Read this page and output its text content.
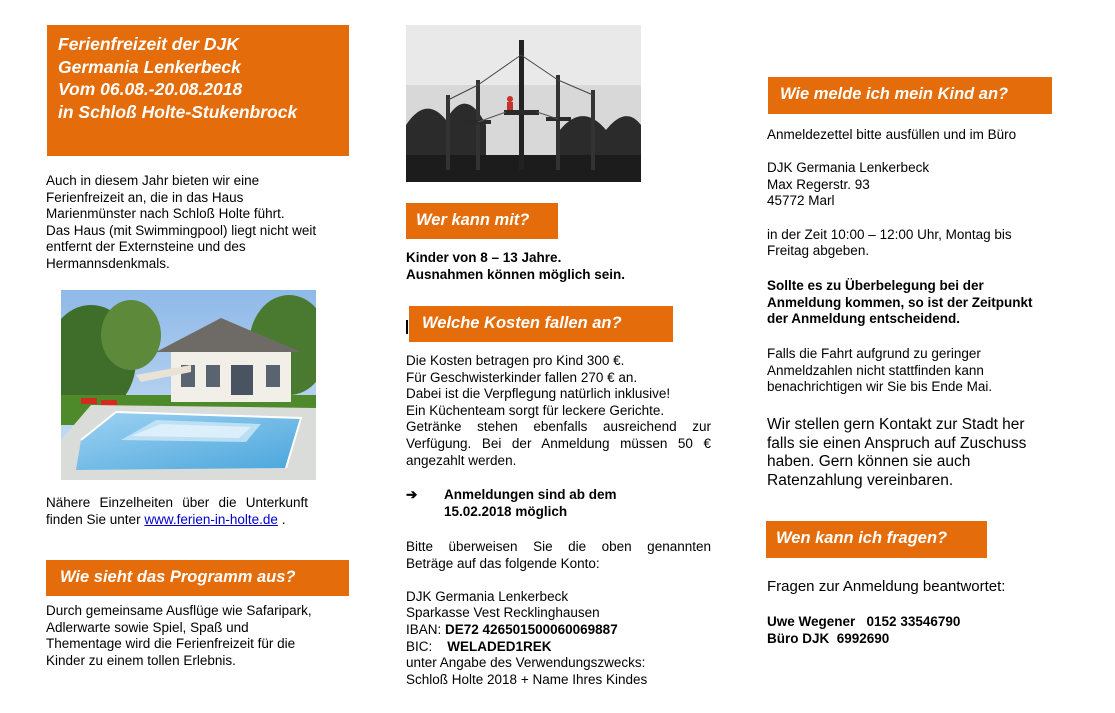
Ferienfreizeit der DJK
Germania Lenkerbeck
Vom 06.08.-20.08.2018
in Schloß Holte-Stukenbrock

Auch in diesem Jahr bieten wir eine

Ferienfreizeit an, die in das Haus

Marienmünster nach Schloß Holte führt.

Das Haus (mit Swimmingpool) liegt nicht weit

entfernt der Externsteine und des

Hermannsdenkmals.

Nähere Einzelheiten über die Unterkunft

finden Sie unter www.ferien-in-holte.de .

Wie sieht das Programm aus?

Durch gemeinsame Ausflüge wie Safaripark,

Adlerwarte sowie Spiel, Spaß und

Thementage wird die Ferienfreizeit für die

Kinder zu einem tollen Erlebnis.

Wer kann mit?

Kinder von 8 – 13 Jahre.

Ausnahmen können möglich sein.

Welche Kosten fallen an?

Die Kosten betragen pro Kind 300 €.

Für Geschwisterkinder fallen 270 € an.

Dabei ist die Verpflegung natürlich inklusive!

Ein Küchenteam sorgt für leckere Gerichte.

Getränke stehen ebenfalls ausreichend zur

Verfügung. Bei der Anmeldung müssen 50 €

angezahlt werden.

➔ Anmeldungen sind ab dem

15.02.2018 möglich

Bitte überweisen Sie die oben genannten

Beträge auf das folgende Konto:

DJK Germania Lenkerbeck

Sparkasse Vest Recklinghausen

IBAN: DE72 426501500060069887

BIC: WELADED1REK

unter Angabe des Verwendungszwecks:

Schloß Holte 2018 + Name Ihres Kindes

Wie melde ich mein Kind an?

Anmeldezettel bitte ausfüllen und im Büro

DJK Germania Lenkerbeck

Max Regerstr. 93

45772 Marl

in der Zeit 10:00 – 12:00 Uhr, Montag bis

Freitag abgeben.

Sollte es zu Überbelegung bei der

Anmeldung kommen, so ist der Zeitpunkt

der Anmeldung entscheidend.

Falls die Fahrt aufgrund zu geringer

Anmeldzahlen nicht stattfinden kann

benachrichtigen wir Sie bis Ende Mai.

Wir stellen gern Kontakt zur Stadt her

falls sie einen Anspruch auf Zuschuss

haben. Gern können sie auch

Ratenzahlung vereinbaren.

Wen kann ich fragen?
Fragen zur Anmeldung beantwortet:

Uwe Wegener   0152 33546790

Büro DJK  6992690
